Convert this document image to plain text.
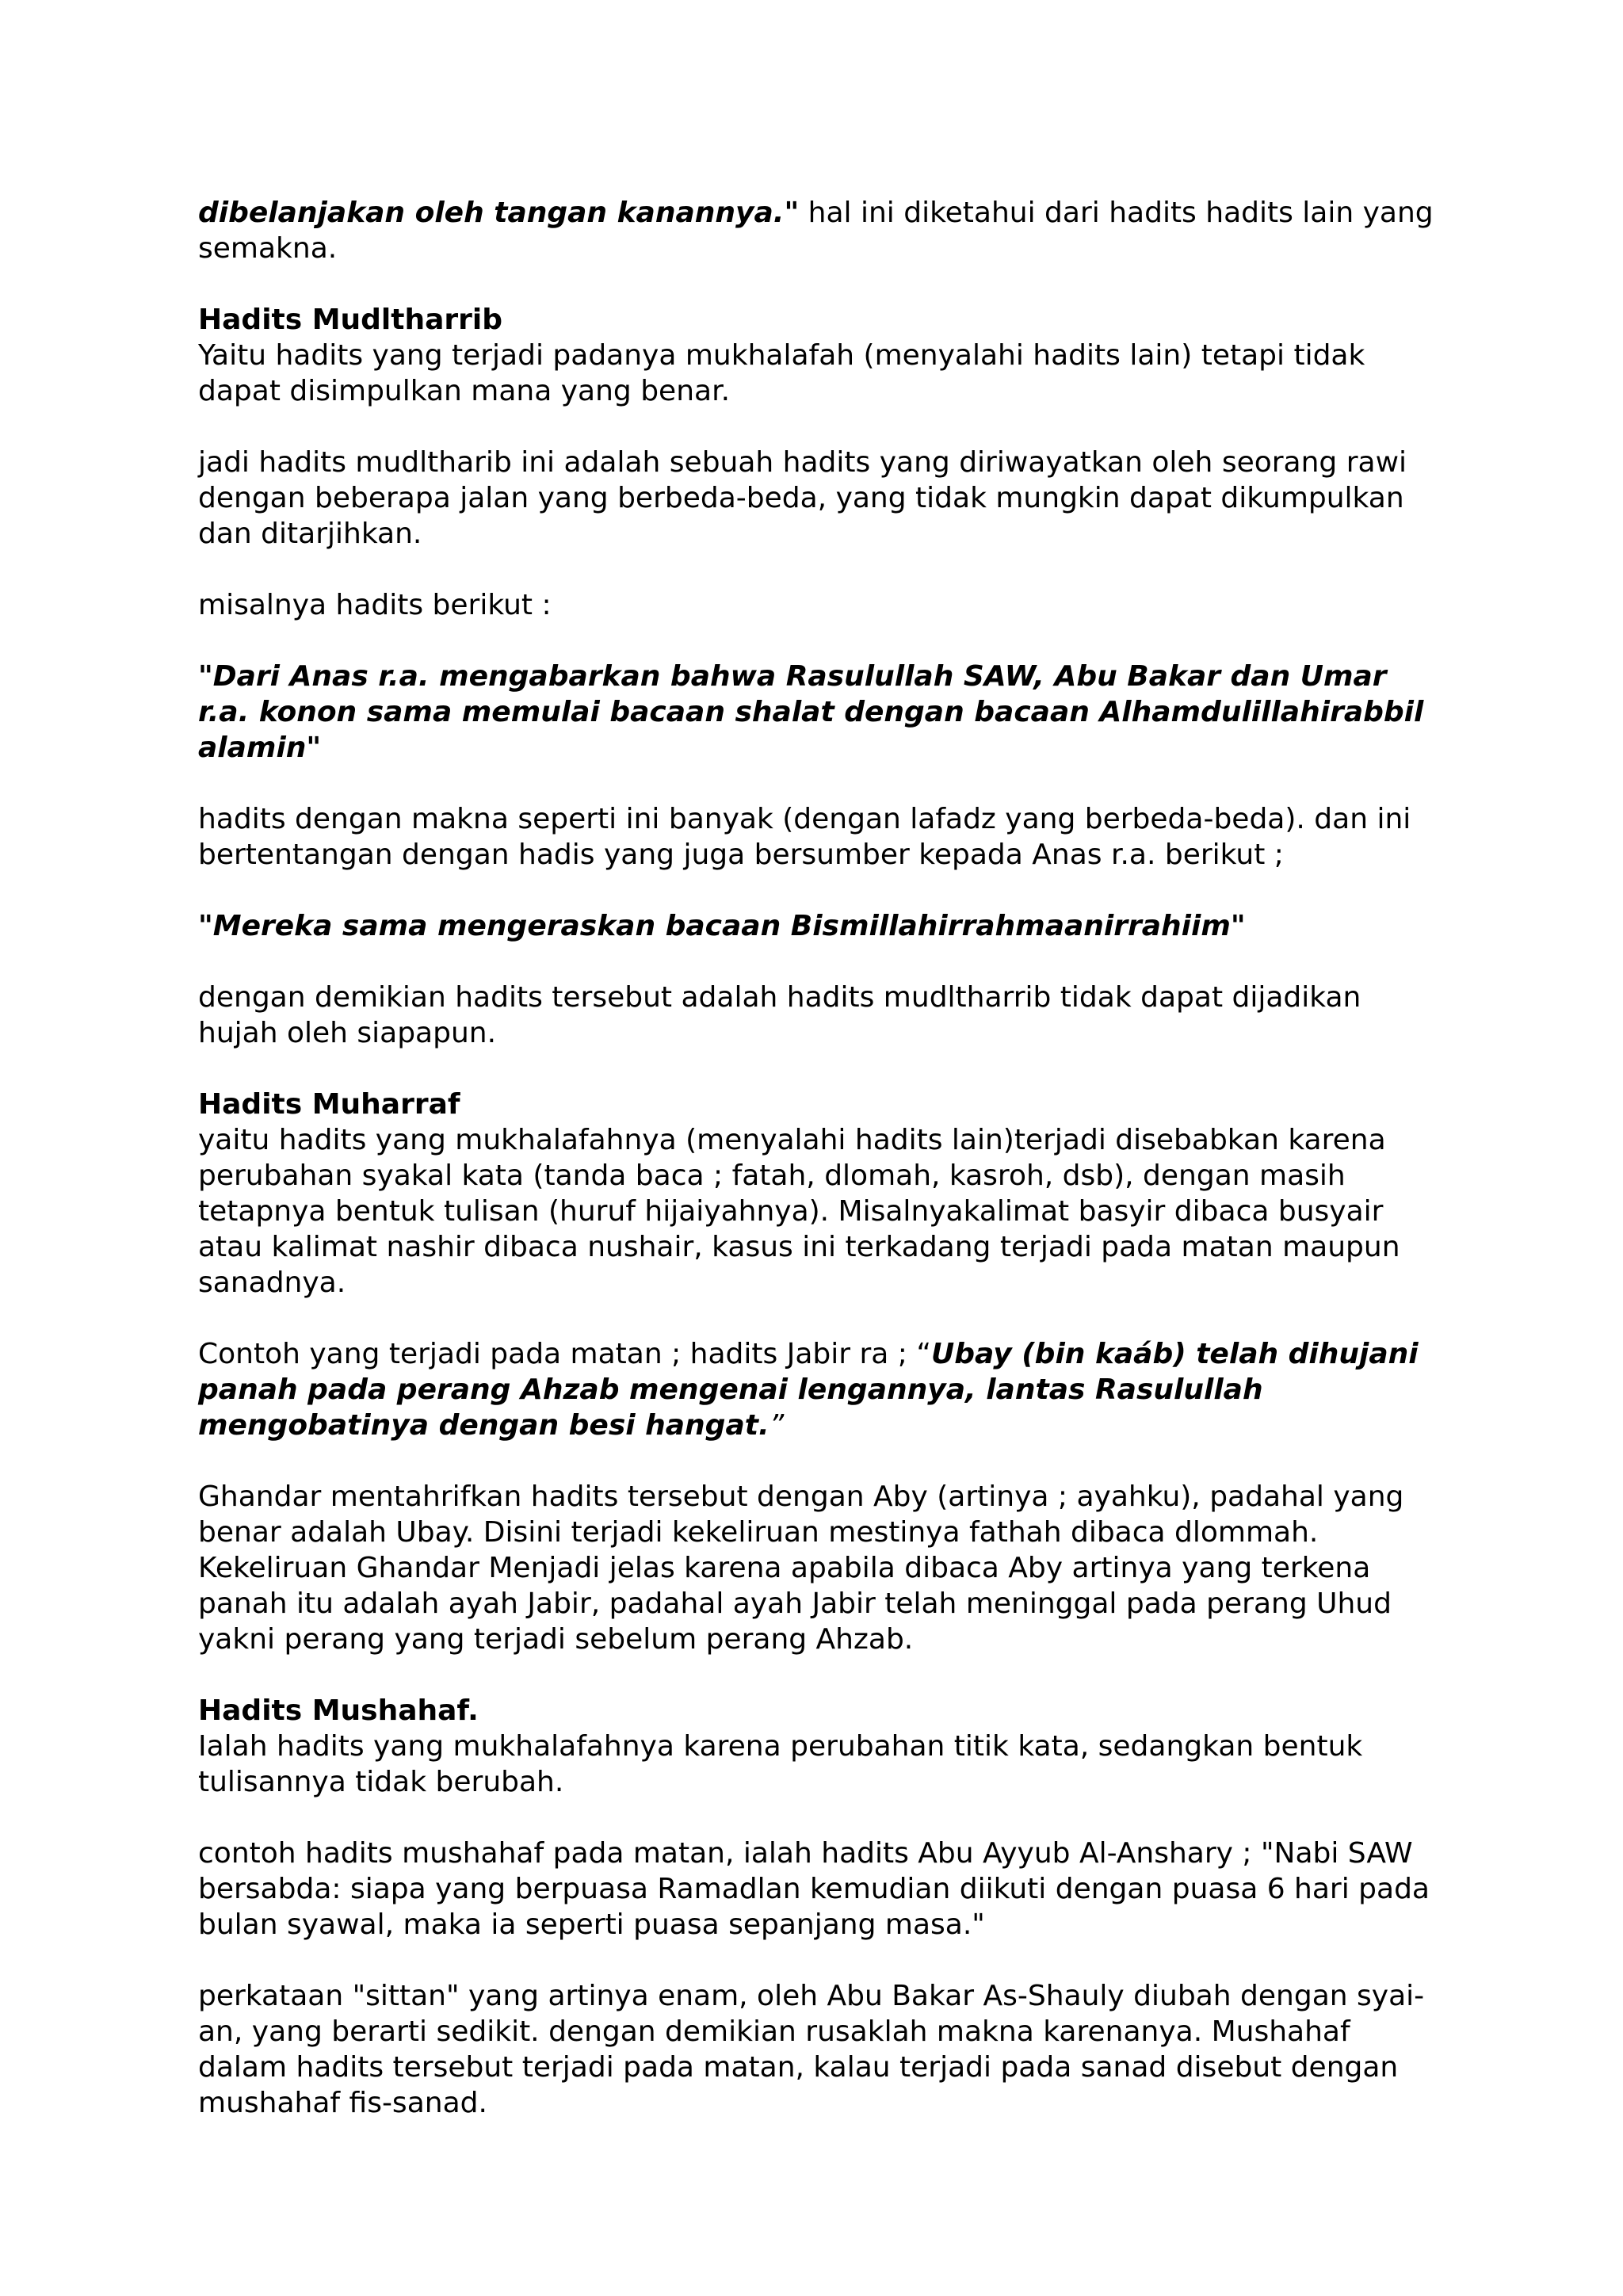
dibelanjakan oleh tangan kanannya." hal ini diketahui dari hadits hadits lain yang semakna.

Hadits Mudltharrib
Yaitu hadits yang terjadi padanya mukhalafah (menyalahi hadits lain) tetapi tidak dapat disimpulkan mana yang benar.

jadi hadits mudltharib ini adalah sebuah hadits yang diriwayatkan oleh seorang rawi dengan beberapa jalan yang berbeda-beda, yang tidak mungkin dapat dikumpulkan dan ditarjihkan.

misalnya hadits berikut :

"Dari Anas r.a. mengabarkan bahwa Rasulullah SAW, Abu Bakar dan Umar r.a. konon sama memulai bacaan shalat dengan bacaan Alhamdulillahirabbil alamin"

hadits dengan makna seperti ini banyak (dengan lafadz yang berbeda-beda). dan ini bertentangan dengan hadis yang juga bersumber kepada Anas r.a. berikut ;

"Mereka sama mengeraskan bacaan Bismillahirrahmaanirrahiim"

dengan demikian hadits tersebut adalah hadits mudltharrib tidak dapat dijadikan hujah oleh siapapun.

Hadits Muharraf
yaitu hadits yang mukhalafahnya (menyalahi hadits lain)terjadi disebabkan karena perubahan syakal kata (tanda baca ; fatah, dlomah, kasroh, dsb), dengan masih tetapnya bentuk tulisan (huruf hijaiyahnya). Misalnyakalimat basyir dibaca busyair atau kalimat nashir dibaca nushair, kasus ini terkadang terjadi pada matan maupun sanadnya.

Contoh yang terjadi pada matan ; hadits Jabir ra ; “Ubay (bin kaáb) telah dihujani panah pada perang Ahzab mengenai lengannya, lantas Rasulullah mengobatinya dengan besi hangat.”

Ghandar mentahrifkan hadits tersebut dengan Aby (artinya ; ayahku), padahal yang benar adalah Ubay. Disini terjadi kekeliruan mestinya fathah dibaca dlommah. Kekeliruan Ghandar Menjadi jelas karena apabila dibaca Aby artinya yang terkena panah itu adalah ayah Jabir, padahal ayah Jabir telah meninggal pada perang Uhud yakni perang yang terjadi sebelum perang Ahzab.

Hadits Mushahaf.
Ialah hadits yang mukhalafahnya karena perubahan titik kata, sedangkan bentuk tulisannya tidak berubah.

contoh hadits mushahaf pada matan, ialah hadits Abu Ayyub Al-Anshary ; "Nabi SAW bersabda: siapa yang berpuasa Ramadlan kemudian diikuti dengan puasa 6 hari pada bulan syawal, maka ia seperti puasa sepanjang masa."

perkataan "sittan" yang artinya enam, oleh Abu Bakar As-Shauly diubah dengan syai-an, yang berarti sedikit. dengan demikian rusaklah makna karenanya. Mushahaf dalam hadits tersebut terjadi pada matan, kalau terjadi pada sanad disebut dengan mushahaf fis-sanad.
